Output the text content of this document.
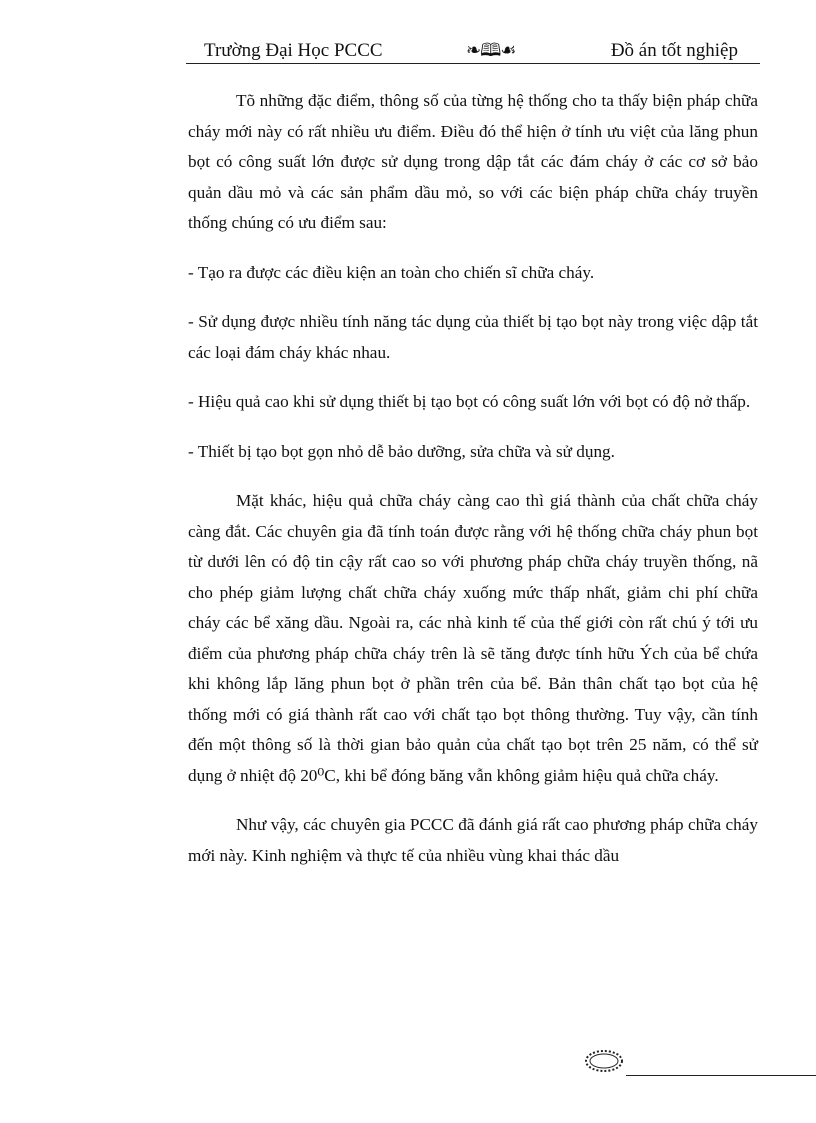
Trường Đại Học PCCC	❧🕮☙	Đồ án tốt nghiệp

Tõ những đặc điểm, thông số của từng hệ thống cho ta thấy biện pháp chữa cháy mới này có rất nhiều ưu điểm. Điều đó thể hiện ở tính ưu việt của lăng phun bọt có công suất lớn được sử dụng trong dập tắt các đám cháy ở các cơ sở bảo quản dầu mỏ và các sản phẩm dầu mỏ, so với các biện pháp chữa cháy truyền thống chúng có ưu điểm sau:

- Tạo ra được các điều kiện an toàn cho chiến sĩ chữa cháy.

- Sử dụng được nhiều tính năng tác dụng của thiết bị tạo bọt này trong việc dập tắt các loại đám cháy khác nhau.

- Hiệu quả cao khi sử dụng thiết bị tạo bọt có công suất lớn với bọt có độ nở thấp.

- Thiết bị tạo bọt gọn nhỏ dễ bảo dưỡng, sửa chữa và sử dụng.

Mặt khác, hiệu quả chữa cháy càng cao thì giá thành của chất chữa cháy càng đắt. Các chuyên gia đã tính toán được rằng với hệ thống chữa cháy phun bọt từ dưới lên có độ tin cậy rất cao so với phương pháp chữa cháy truyền thống, nã cho phép giảm lượng chất chữa cháy xuống mức thấp nhất, giảm chi phí chữa cháy các bể xăng dầu. Ngoài ra, các nhà kinh tế của thế giới còn rất chú ý tới ưu điểm của phương pháp chữa cháy trên là sẽ tăng được tính hữu Ých của bể chứa khi không lắp lăng phun bọt ở phần trên của bể. Bản thân chất tạo bọt của hệ thống mới có giá thành rất cao với chất tạo bọt thông thường. Tuy vậy, cần tính đến một thông số là thời gian bảo quản của chất tạo bọt trên 25 năm, có thể sử dụng ở nhiệt độ 20⁰C, khi bể đóng băng vẫn không giảm hiệu quả chữa cháy.

Như vậy, các chuyên gia PCCC đã đánh giá rất cao phương pháp chữa cháy mới này. Kinh nghiệm và thực tế của nhiều vùng khai thác dầu
